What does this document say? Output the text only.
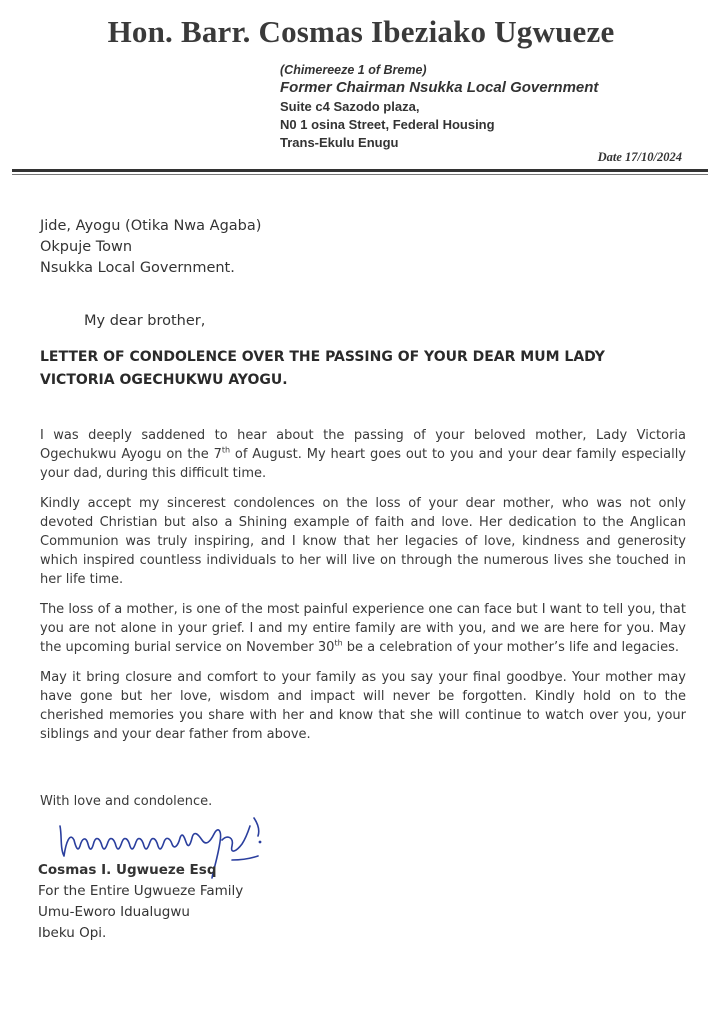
Hon. Barr. Cosmas Ibeziako Ugwueze
(Chimereeze 1 of Breme)
Former Chairman Nsukka Local Government
Suite c4 Sazodo plaza,
N0 1 osina Street, Federal Housing
Trans-Ekulu Enugu
Date 17/10/2024
Jide, Ayogu (Otika Nwa Agaba)
Okpuje Town
Nsukka Local Government.
My dear brother,
LETTER OF CONDOLENCE OVER THE PASSING OF YOUR DEAR MUM LADY VICTORIA OGECHUKWU AYOGU.

I was deeply saddened to hear about the passing of your beloved mother, Lady Victoria Ogechukwu Ayogu on the 7th of August. My heart goes out to you and your dear family especially your dad, during this difficult time.

Kindly accept my sincerest condolences on the loss of your dear mother, who was not only devoted Christian but also a Shining example of faith and love. Her dedication to the Anglican Communion was truly inspiring, and I know that her legacies of love, kindness and generosity which inspired countless individuals to her will live on through the numerous lives she touched in her life time.

The loss of a mother, is one of the most painful experience one can face but I want to tell you, that you are not alone in your grief. I and my entire family are with you, and we are here for you. May the upcoming burial service on November 30th be a celebration of your mother’s life and legacies.

May it bring closure and comfort to your family as you say your final goodbye. Your mother may have gone but her love, wisdom and impact will never be forgotten. Kindly hold on to the cherished memories you share with her and know that she will continue to watch over you, your siblings and your dear father from above.

With love and condolence.
Cosmas I. Ugwueze Esq
For the Entire Ugwueze Family
Umu-Eworo Idualugwu
Ibeku Opi.
